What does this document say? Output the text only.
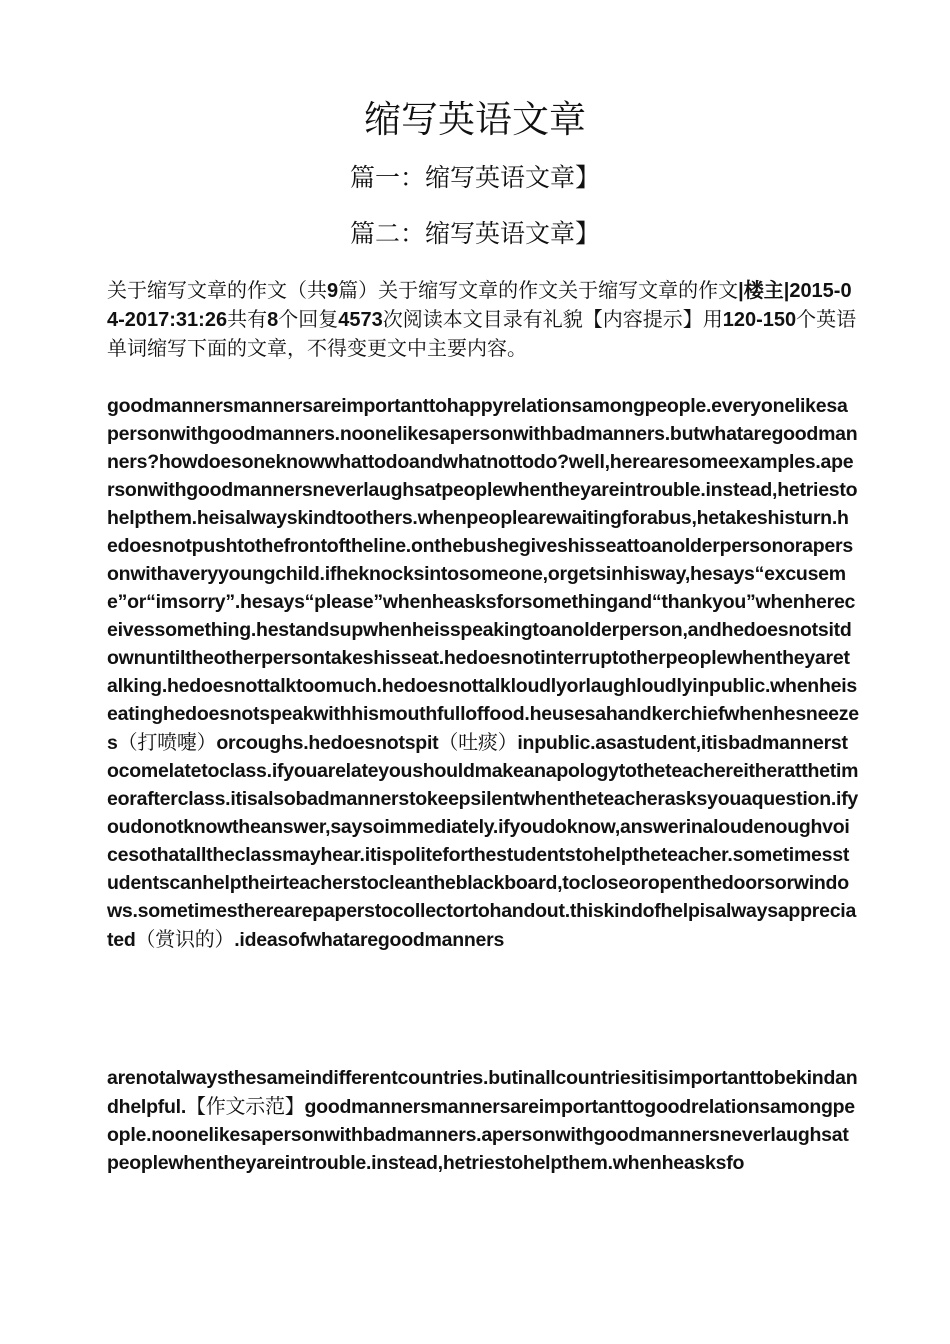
缩写英语文章
篇一：缩写英语文章】
篇二：缩写英语文章】
关于缩写文章的作文（共9篇）关于缩写文章的作文关于缩写文章的作文|楼主|2015-04-2017:31:26共有8个回复4573次阅读本文目录有礼貌【内容提示】用120-150个英语单词缩写下面的文章，不得变更文中主要内容。
goodmannersmannersareimportanttohappyrelationsamongpeople.everyonelikesapersonwithgoodmanners.noonelikesapersonwithbadmanners.butwhataregoodmanners?howdoesoneknowwhattodoandwhatnottodo?well,herearesomeexamples.apersonwithgoodmannersneverlaughsatpeoplewhentheyareintrouble.instead,hetriestohelpthem.heisalwayskindtoothers.whenpeoplearewaitingforabus,hetakeshisturn.hedoesnotpushtothefrontoftheline.onthebushegiveshisseattoanolderpersonorapersonwithaveryyoungchild.ifheknocksintosomeone,orgetsinhisway,hesays“excuseme”or“imsorry”.hesays“please”whenheasksforsomethingand“thankyou”whenhereceivessomething.hestandsupwhenheisspeakingtoanolderperson,andhedoesnotsitdownuntiltheotherpersontakeshisseat.hedoesnotinterruptotherpeoplewhentheyaretalking.hedoesnottalktoomuch.hedoesnottalkloudlyorlaughloudlyinpublic.whenheiseatinghedoesnotspeakwithhismouthfulloffood.heusesahandkerchiefwhenhesneezes（打喷嚏）orcoughs.hedoesnotspit（吐痰）inpublic.asastudent,itisbadmannerstocomelatetoclass.ifyouarelateyoushouldmakeanapologytotheteachereitheratthetimeorafterclass.itisalsobadmannerstokeepsilentwhentheteacherasksyouaquestion.ifyoudonotknowtheanswer,saysoimmediately.ifyoudoknow,answerinaloudenoughvoicesothatalltheclassmayhear.itispoliteforthestudentstohelptheteacher.sometimesstudentscanhelptheirteacherstocleantheblackboard,tocloseoropenthedoorsorwindows.sometimestherearepaperstocollectortohandout.thiskindofhelpisalwaysappreciated（赏识的）.ideasofwhataregoodmanners
arenotalwaysthesameindifferentcountries.butinallcountriesitisimportanttobekindandhelpful.【作文示范】goodmannersmannersareimportanttogoodrelationsamongpeople.noonelikesapersonwithbadmanners.apersonwithgoodmannersneverlaughsatpeoplewhentheyareintrouble.instead,hetriestohelpthem.whenheasksfo
